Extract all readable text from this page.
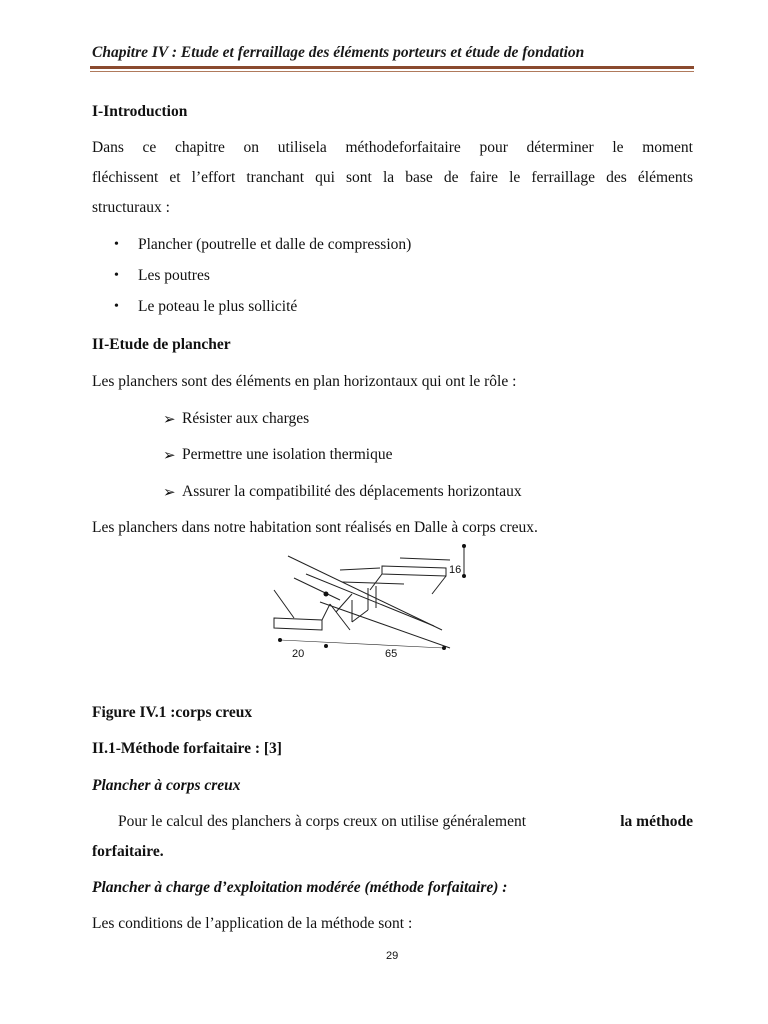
Chapitre IV : Etude et ferraillage des éléments porteurs et étude de fondation
I-Introduction
Dans ce chapitre on utilisela méthodeforfaitaire pour déterminer le moment
fléchissent et l’effort tranchant qui sont la base de faire le ferraillage des éléments
structuraux :
• Plancher (poutrelle et dalle de compression)
• Les poutres
• Le poteau le plus sollicité
II-Etude de plancher
Les planchers sont des éléments en plan horizontaux qui ont le rôle :
➢ Résister aux charges
➢ Permettre une isolation thermique
➢ Assurer la compatibilité des déplacements horizontaux
Les planchers dans notre habitation sont réalisés en Dalle à corps creux.
16
20	65
Figure IV.1 :corps creux
II.1-Méthode forfaitaire : [3]
Plancher à corps creux
Pour le calcul des planchers à corps creux on utilise généralement	la méthode
forfaitaire.
Plancher à charge d’exploitation modérée (méthode forfaitaire) :
Les conditions de l’application de la méthode sont :
29
